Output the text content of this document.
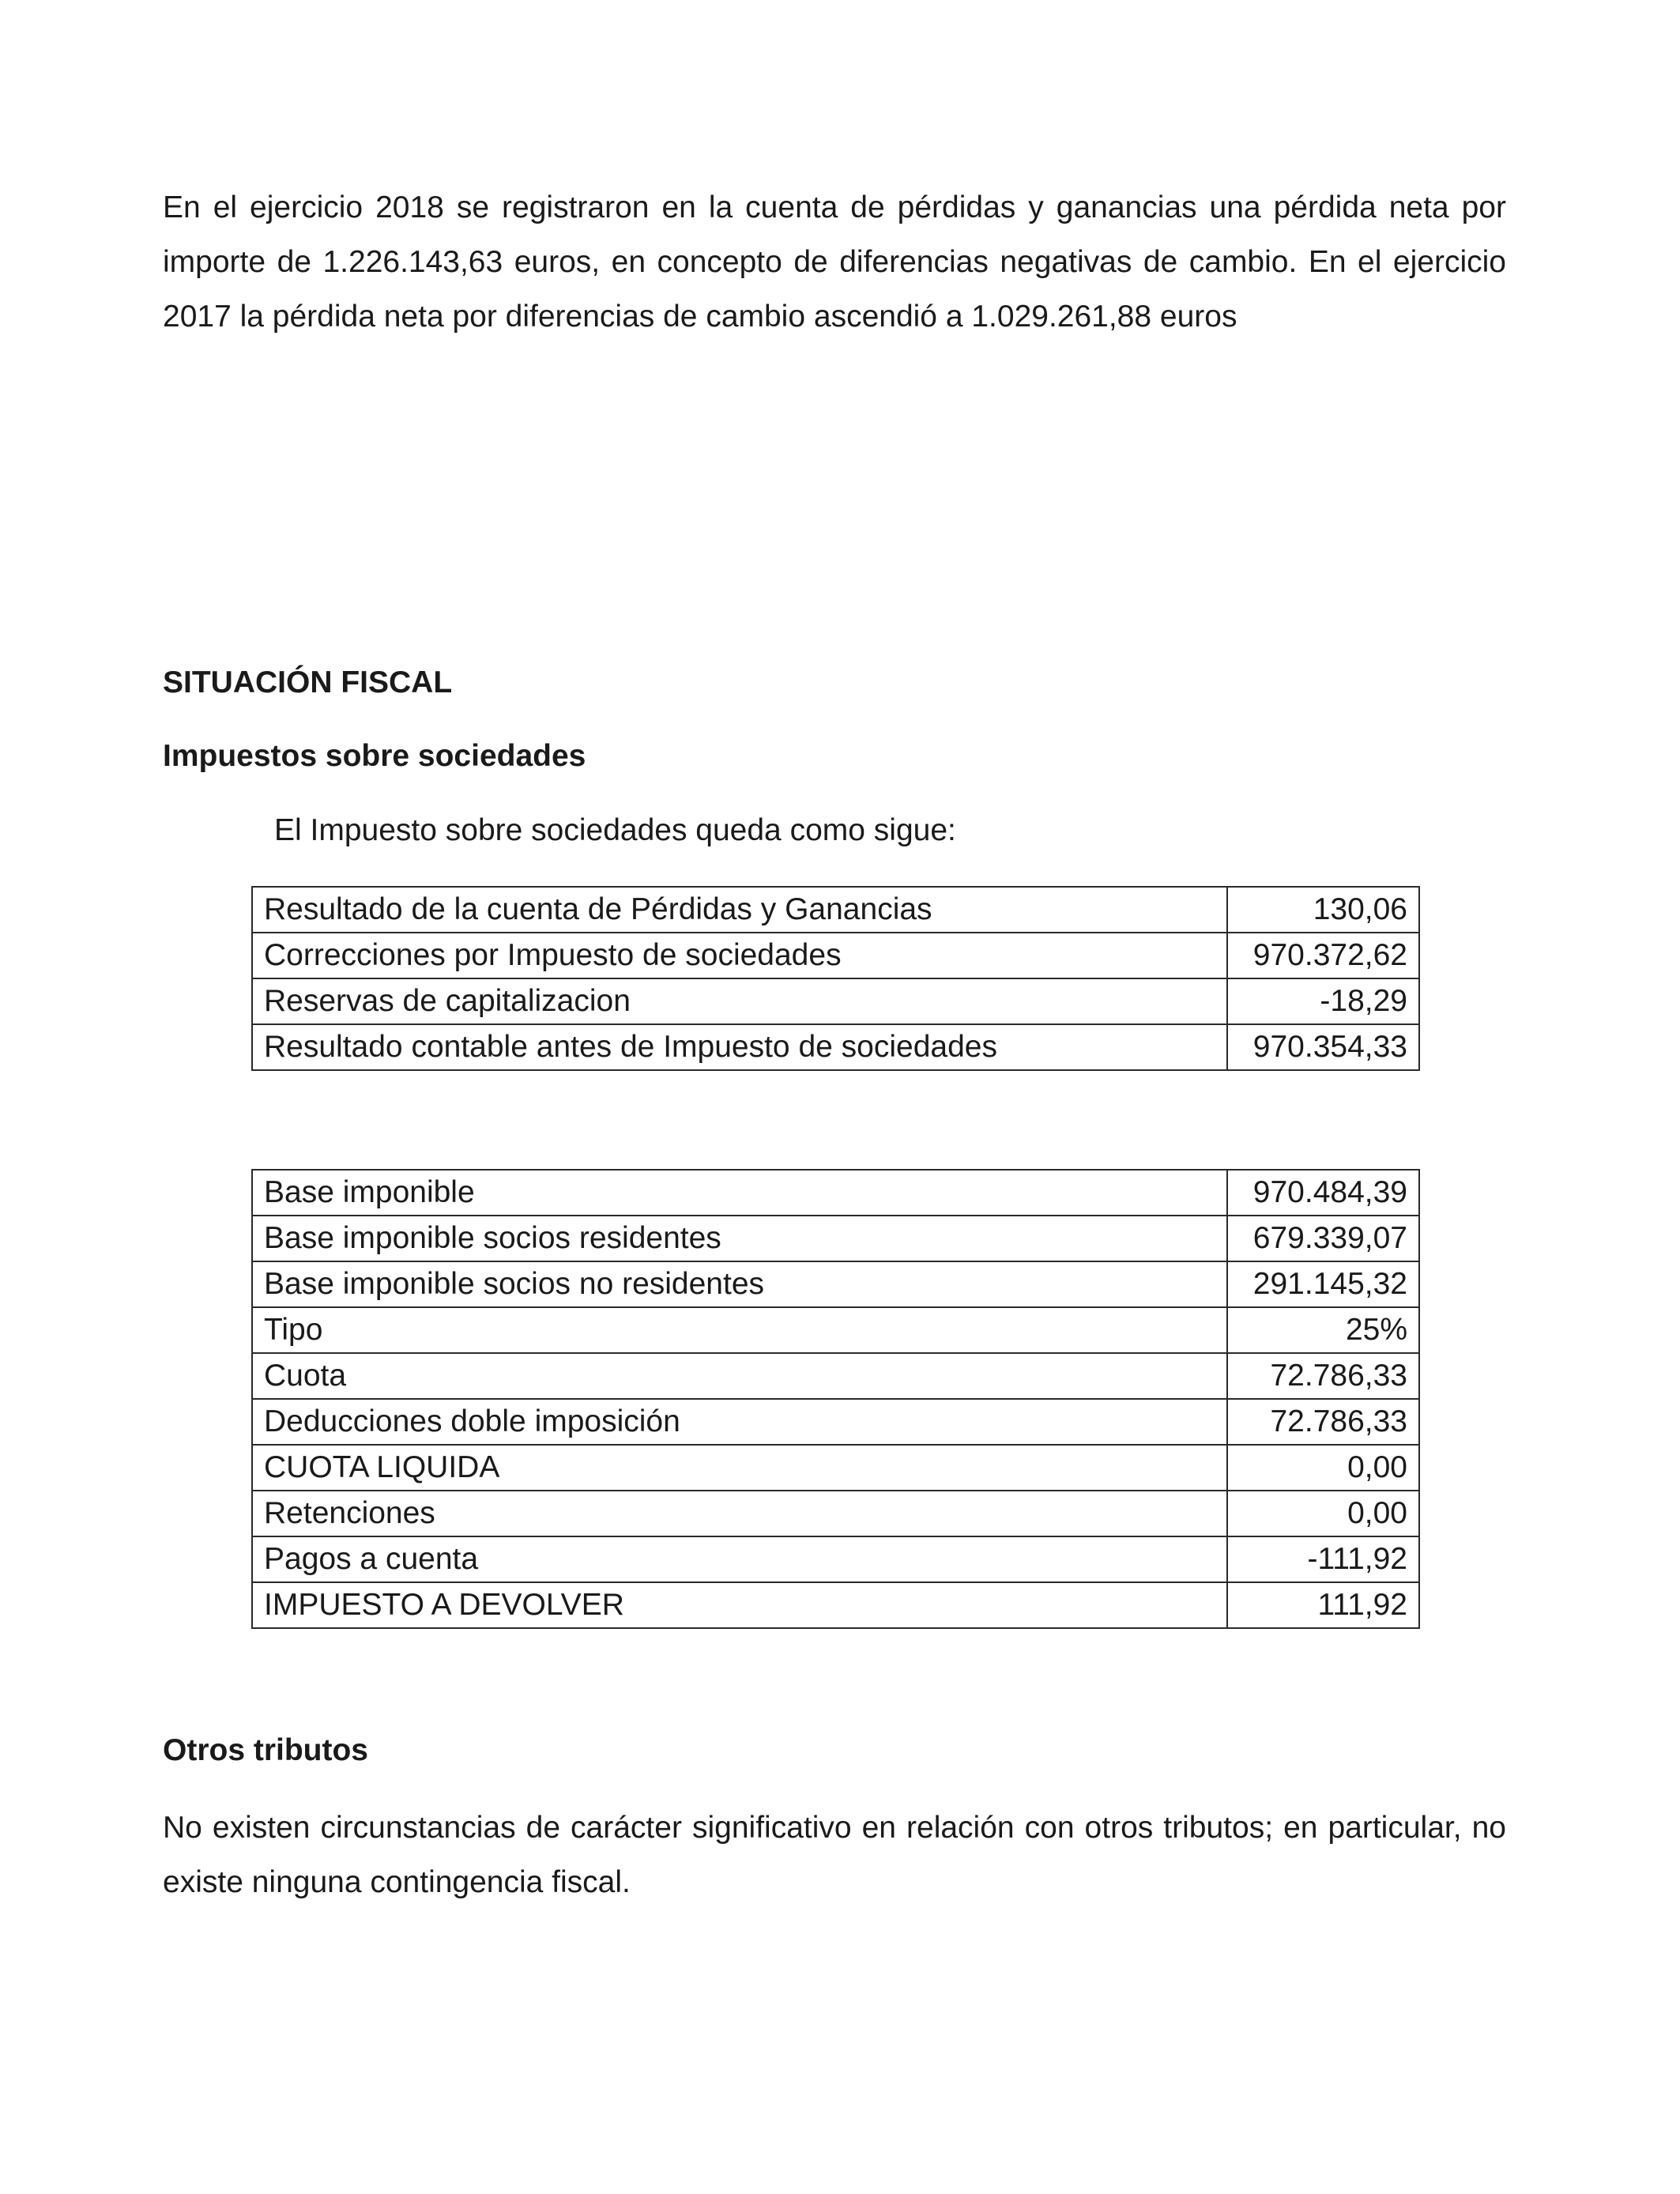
En el ejercicio 2018 se registraron en la cuenta de pérdidas y ganancias una pérdida neta por importe de 1.226.143,63 euros, en concepto de diferencias negativas de cambio. En el ejercicio 2017 la pérdida neta por diferencias de cambio ascendió a 1.029.261,88 euros

SITUACIÓN FISCAL
Impuestos sobre sociedades

El Impuesto sobre sociedades queda como sigue:

Resultado de la cuenta de Pérdidas y Ganancias	130,06
Correcciones por Impuesto de sociedades	970.372,62
Reservas de capitalizacion	-18,29
Resultado contable antes de Impuesto de sociedades	970.354,33
Base imponible	970.484,39
Base imponible socios residentes	679.339,07
Base imponible socios no residentes	291.145,32
Tipo	25%
Cuota	72.786,33
Deducciones doble imposición	72.786,33
CUOTA LIQUIDA	0,00
Retenciones	0,00
Pagos a cuenta	-111,92
IMPUESTO A DEVOLVER	111,92
Otros tributos

No existen circunstancias de carácter significativo en relación con otros tributos; en particular, no existe ninguna contingencia fiscal.
